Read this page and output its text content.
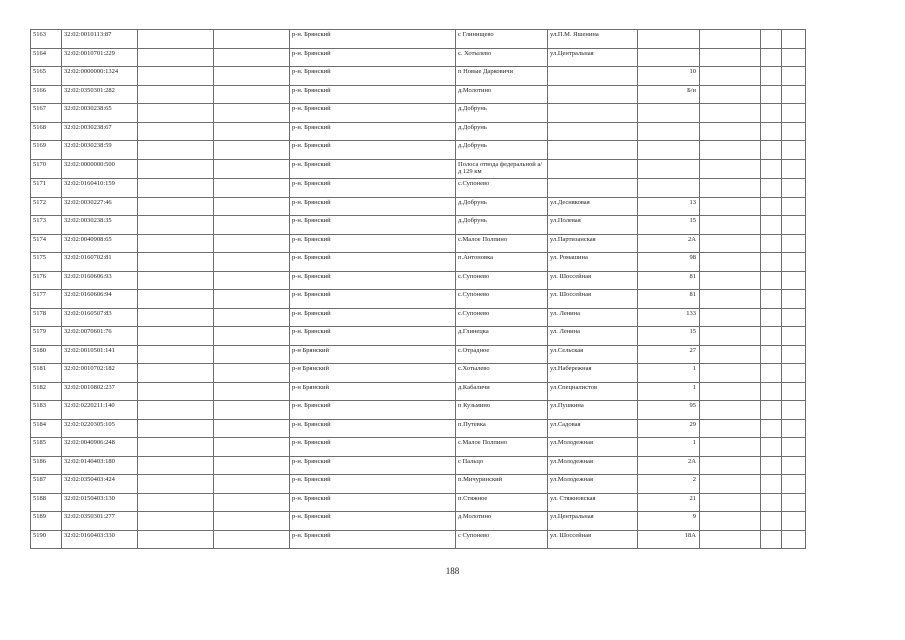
5163	32:02:0010113:87			р-н. Брянский	с Глинищево	ул.П.М. Яшенина				
5164	32:02:0010701:229			р-н. Брянский	с. Хотылево	ул.Центральная				
5165	32:02:0000000:1324			р-н. Брянский	п Новые Дарковичи		10			
5166	32:02:0350301:282			р-н. Брянский	д.Молотино		Б/н			
5167	32:02:0030238:65			р-н. Брянский	д.Добрунь					
5168	32:02:0030238:67			р-н. Брянский	д.Добрунь					
5169	32:02:0030238:59			р-н. Брянский	д.Добрунь					
5170	32:02:0000000:500			р-н. Брянский	Полоса отвода федеральной а/д 129 км					
5171	32:02:0160410:159			р-н. Брянский	с.Супонево					
5172	32:02:0030227:46			р-н. Брянский	д.Добрунь	ул.Десняковая	13			
5173	32:02:0030238:35			р-н. Брянский	д.Добрунь	ул.Полевая	15			
5174	32:02:0040908:65			р-н. Брянский	с.Малое Полпино	ул.Партизанская	2А			
5175	32:02:0160702:81			р-н. Брянский	п.Антоновка	ул. Ромашина	98			
5176	32:02:0160606:93			р-н. Брянский	с.Супонево	ул. Шоссейная	81			
5177	32:02:0160606:94			р-н. Брянский	с.Супонево	ул. Шоссейная	81			
5178	32:02:0160507:83			р-н. Брянский	с.Супонево	ул. Ленина	133			
5179	32:02:0070601:76			р-н. Брянский	д.Глинецка	ул. Ленина	15			
5180	32:02:0010501:141			р-н Брянский	с.Отрадное	ул.Сельская	27			
5181	32:02:0010702:182			р-н Брянский	с.Хотылево	ул.Набережная	1			
5182	32:02:0010802:237			р-н Брянский	д.Кабаличи	ул.Спецналистов	1			
5183	32:02:0220211:140			р-н. Брянский	п Кузьмино	ул.Пушкина	95			
5184	32:02:0220305:105			р-н. Брянский	п.Путевка	ул.Садовая	29			
5185	32:02:0040906:248			р-н. Брянский	с.Малое Полпино	ул.Молодежная	1			
5186	32:02:0140403:180			р-н. Брянский	с Пальцо	ул.Молодежная	2А			
5187	32:02:0350403:424			р-н. Брянский	п.Мичуринский	ул.Молодежная	2			
5188	32:02:0150403:130			р-н. Брянский	п.Стяжное	ул. Стяжновская	21			
5189	32:02:0350301:277			р-н. Брянский	д.Молотино	ул.Центральная	9			
5190	32:02:0160403:330			р-н. Брянский	с Супонево	ул. Шоссейная	18А			
188
